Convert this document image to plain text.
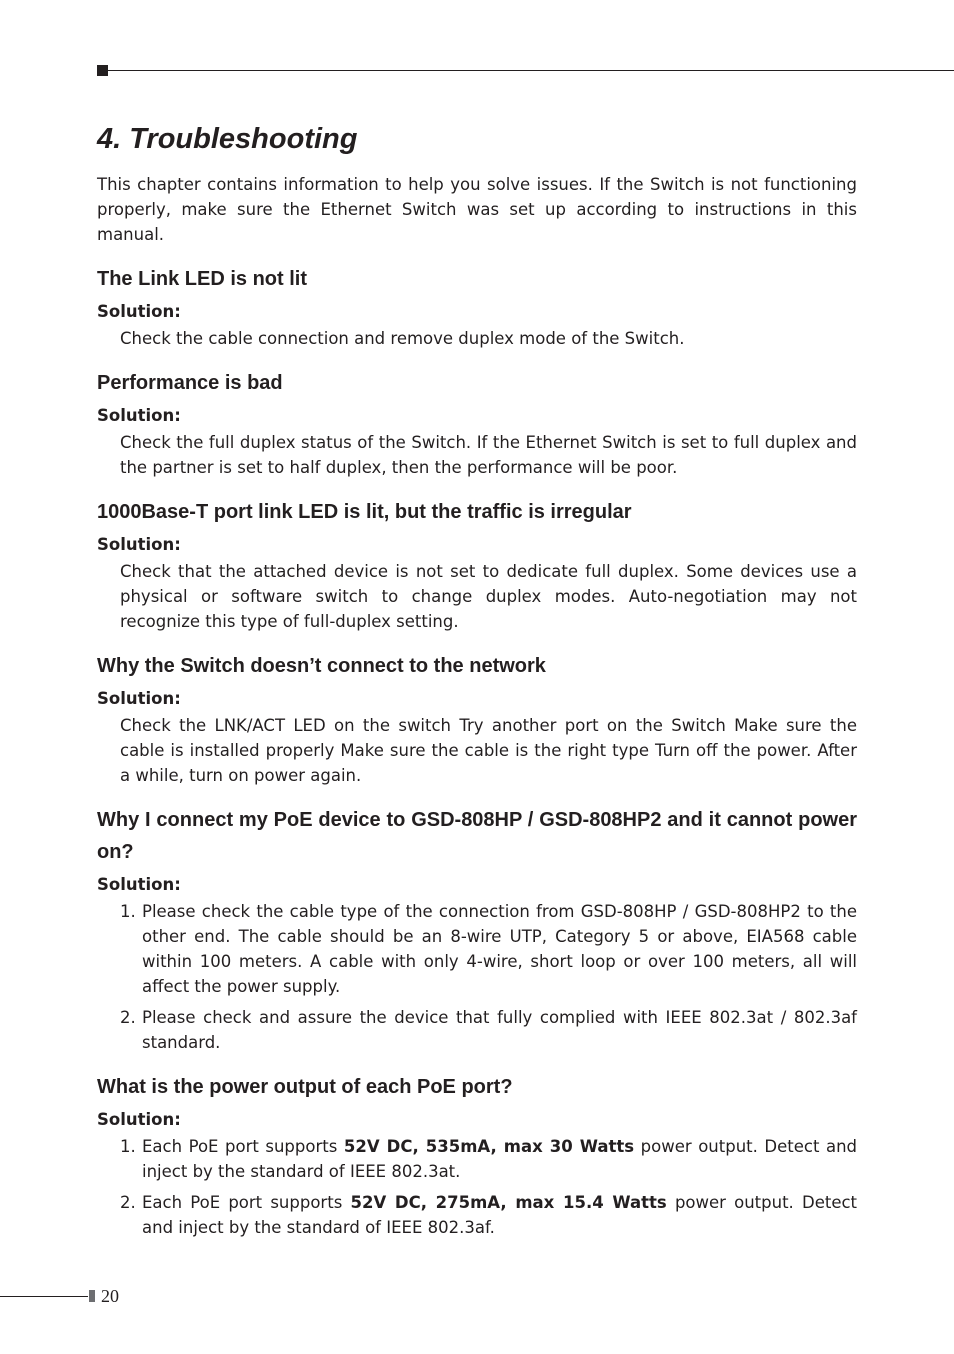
4. Troubleshooting

This chapter contains information to help you solve issues. If the Switch is not functioning properly, make sure the Ethernet Switch was set up according to instructions in this manual.

The Link LED is not lit
Solution:

Check the cable connection and remove duplex mode of the Switch.

Performance is bad
Solution:

Check the full duplex status of the Switch. If the Ethernet Switch is set to full duplex and the partner is set to half duplex, then the performance will be poor.

1000Base-T port link LED is lit, but the traffic is irregular
Solution:

Check that the attached device is not set to dedicate full duplex. Some devices use a physical or software switch to change duplex modes. Auto-negotiation may not recognize this type of full-duplex setting.

Why the Switch doesn’t connect to the network
Solution:

Check the LNK/ACT LED on the switch Try another port on the Switch Make sure the cable is installed properly Make sure the cable is the right type Turn off the power. After a while, turn on power again.

Why I connect my PoE device to GSD-808HP / GSD-808HP2 and it cannot power on?
Solution:
1. Please check the cable type of the connection from GSD-808HP / GSD-808HP2 to the other end. The cable should be an 8-wire UTP, Category 5 or above, EIA568 cable within 100 meters. A cable with only 4-wire, short loop or over 100 meters, all will affect the power supply.
2. Please check and assure the device that fully complied with IEEE 802.3at / 802.3af standard.
What is the power output of each PoE port?
Solution:
1. Each PoE port supports 52V DC, 535mA, max 30 Watts power output. Detect and inject by the standard of IEEE 802.3at.
2. Each PoE port supports 52V DC, 275mA, max 15.4 Watts power output. Detect and inject by the standard of IEEE 802.3af.
20
